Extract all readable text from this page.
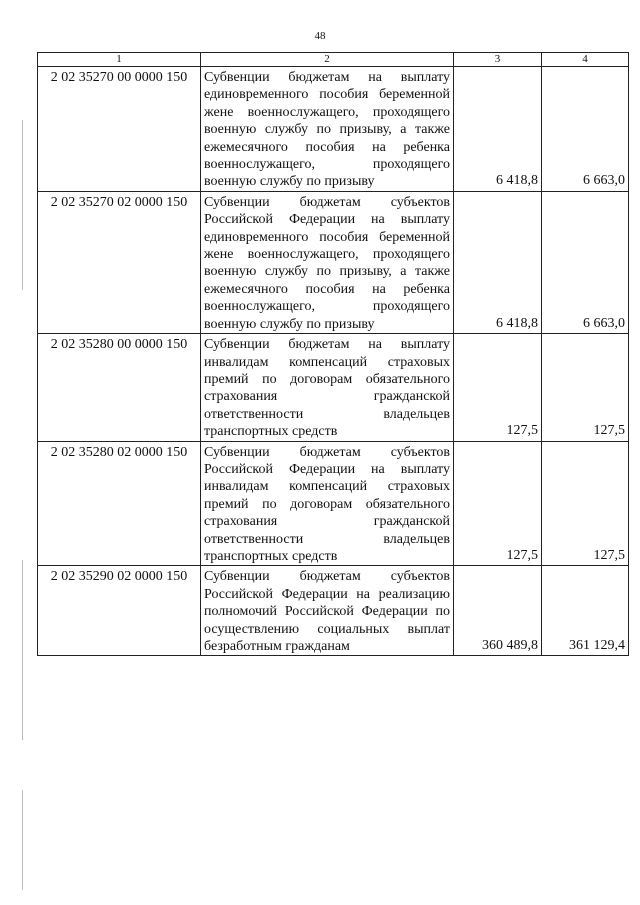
48
1	2	3	4
2 02 35270 00 0000 150	Субвенции бюджетам на выплату единовременного пособия беременной жене военнослужащего, проходящего военную службу по призыву, а также ежемесячного пособия на ребенка военнослужащего, проходящего военную службу по призыву	6 418,8	6 663,0
2 02 35270 02 0000 150	Субвенции бюджетам субъектов Российской Федерации на выплату единовременного пособия беременной жене военнослужащего, проходящего военную службу по призыву, а также ежемесячного пособия на ребенка военнослужащего, проходящего военную службу по призыву	6 418,8	6 663,0
2 02 35280 00 0000 150	Субвенции бюджетам на выплату инвалидам компенсаций страховых премий по договорам обязательного страхования гражданской ответственности владельцев транспортных средств	127,5	127,5
2 02 35280 02 0000 150	Субвенции бюджетам субъектов Российской Федерации на выплату инвалидам компенсаций страховых премий по договорам обязательного страхования гражданской ответственности владельцев транспортных средств	127,5	127,5
2 02 35290 02 0000 150	Субвенции бюджетам субъектов Российской Федерации на реализацию полномочий Российской Федерации по осуществлению социальных выплат безработным гражданам	360 489,8	361 129,4
